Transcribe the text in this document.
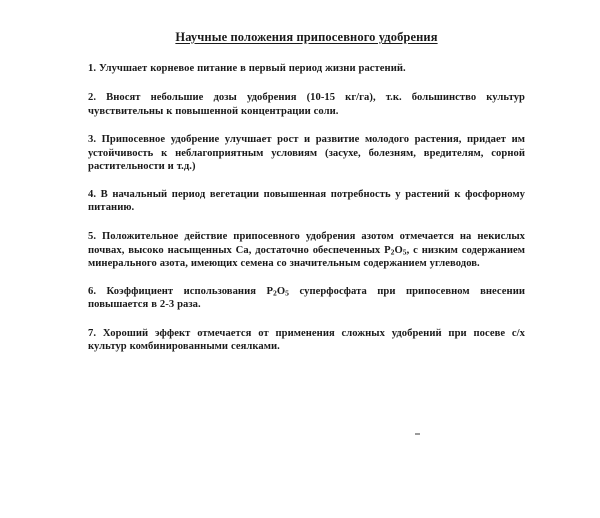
Научные положения припосевного удобрения

1. Улучшает корневое питание в первый период жизни растений.

2. Вносят небольшие дозы удобрения (10-15 кг/га), т.к. большинство культур чувствительны к повышенной концентрации соли.

3. Припосевное удобрение улучшает рост и развитие молодого растения, придает им устойчивость к неблагоприятным условиям (засухе, болезням, вредителям, сорной растительности и т.д.)

4. В начальный период вегетации повышенная потребность у растений к фосфорному питанию.

5. Положительное действие припосевного удобрения азотом отмечается на некислых почвах, высоко насыщенных Ca, достаточно обеспеченных $P_2O_5$, с низким содержанием минерального азота, имеющих семена со значительным содержанием углеводов.

6. Коэффициент использования $P_2O_5$ суперфосфата при припосевном внесении повышается в 2-3 раза.

7. Хороший эффект отмечается от применения сложных удобрений при посеве с/х культур комбинированными сеялками.
